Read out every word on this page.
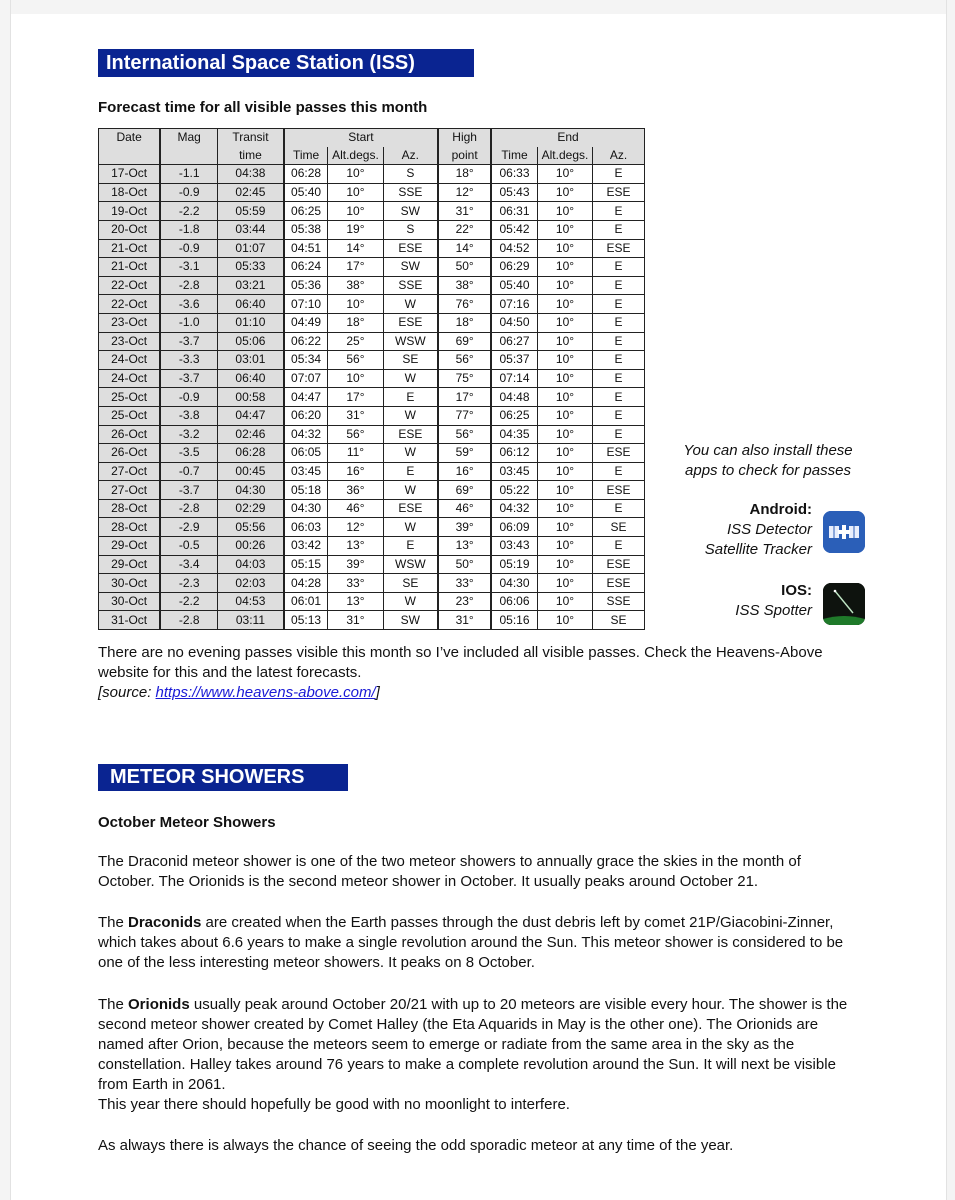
International Space Station (ISS)
Forecast time for all visible passes this month
Date	Mag	Transit	Start			High	End		
		time	Time	Alt.degs.	Az.	point	Time	Alt.degs.	Az.
17-Oct	-1.1	04:38	06:28	10°	S	18°	06:33	10°	E
18-Oct	-0.9	02:45	05:40	10°	SSE	12°	05:43	10°	ESE
19-Oct	-2.2	05:59	06:25	10°	SW	31°	06:31	10°	E
20-Oct	-1.8	03:44	05:38	19°	S	22°	05:42	10°	E
21-Oct	-0.9	01:07	04:51	14°	ESE	14°	04:52	10°	ESE
21-Oct	-3.1	05:33	06:24	17°	SW	50°	06:29	10°	E
22-Oct	-2.8	03:21	05:36	38°	SSE	38°	05:40	10°	E
22-Oct	-3.6	06:40	07:10	10°	W	76°	07:16	10°	E
23-Oct	-1.0	01:10	04:49	18°	ESE	18°	04:50	10°	E
23-Oct	-3.7	05:06	06:22	25°	WSW	69°	06:27	10°	E
24-Oct	-3.3	03:01	05:34	56°	SE	56°	05:37	10°	E
24-Oct	-3.7	06:40	07:07	10°	W	75°	07:14	10°	E
25-Oct	-0.9	00:58	04:47	17°	E	17°	04:48	10°	E
25-Oct	-3.8	04:47	06:20	31°	W	77°	06:25	10°	E
26-Oct	-3.2	02:46	04:32	56°	ESE	56°	04:35	10°	E
26-Oct	-3.5	06:28	06:05	11°	W	59°	06:12	10°	ESE
27-Oct	-0.7	00:45	03:45	16°	E	16°	03:45	10°	E
27-Oct	-3.7	04:30	05:18	36°	W	69°	05:22	10°	ESE
28-Oct	-2.8	02:29	04:30	46°	ESE	46°	04:32	10°	E
28-Oct	-2.9	05:56	06:03	12°	W	39°	06:09	10°	SE
29-Oct	-0.5	00:26	03:42	13°	E	13°	03:43	10°	E
29-Oct	-3.4	04:03	05:15	39°	WSW	50°	05:19	10°	ESE
30-Oct	-2.3	02:03	04:28	33°	SE	33°	04:30	10°	ESE
30-Oct	-2.2	04:53	06:01	13°	W	23°	06:06	10°	SSE
31-Oct	-2.8	03:11	05:13	31°	SW	31°	05:16	10°	SE
You can also install these apps to check for passes
Android:
ISS Detector
Satellite Tracker
IOS:
ISS Spotter
There are no evening passes visible this month so I’ve included all visible passes. Check the Heavens-Above website for this and the latest forecasts.
[source: https://www.heavens-above.com/]
METEOR SHOWERS
October Meteor Showers
The Draconid meteor shower is one of the two meteor showers to annually grace the skies in the month of October. The Orionids is the second meteor shower in October. It usually peaks around October 21.
The Draconids are created when the Earth passes through the dust debris left by comet 21P/Giacobini-Zinner, which takes about 6.6 years to make a single revolution around the Sun. This meteor shower is considered to be one of the less interesting meteor showers. It peaks on 8 October.
The Orionids usually peak around October 20/21 with up to 20 meteors are visible every hour. The shower is the second meteor shower created by Comet Halley (the Eta Aquarids in May is the other one). The Orionids are named after Orion, because the meteors seem to emerge or radiate from the same area in the sky as the constellation. Halley takes around 76 years to make a complete revolution around the Sun. It will next be visible from Earth in 2061.
This year there should hopefully be good with no moonlight to interfere.
As always there is always the chance of seeing the odd sporadic meteor at any time of the year.
